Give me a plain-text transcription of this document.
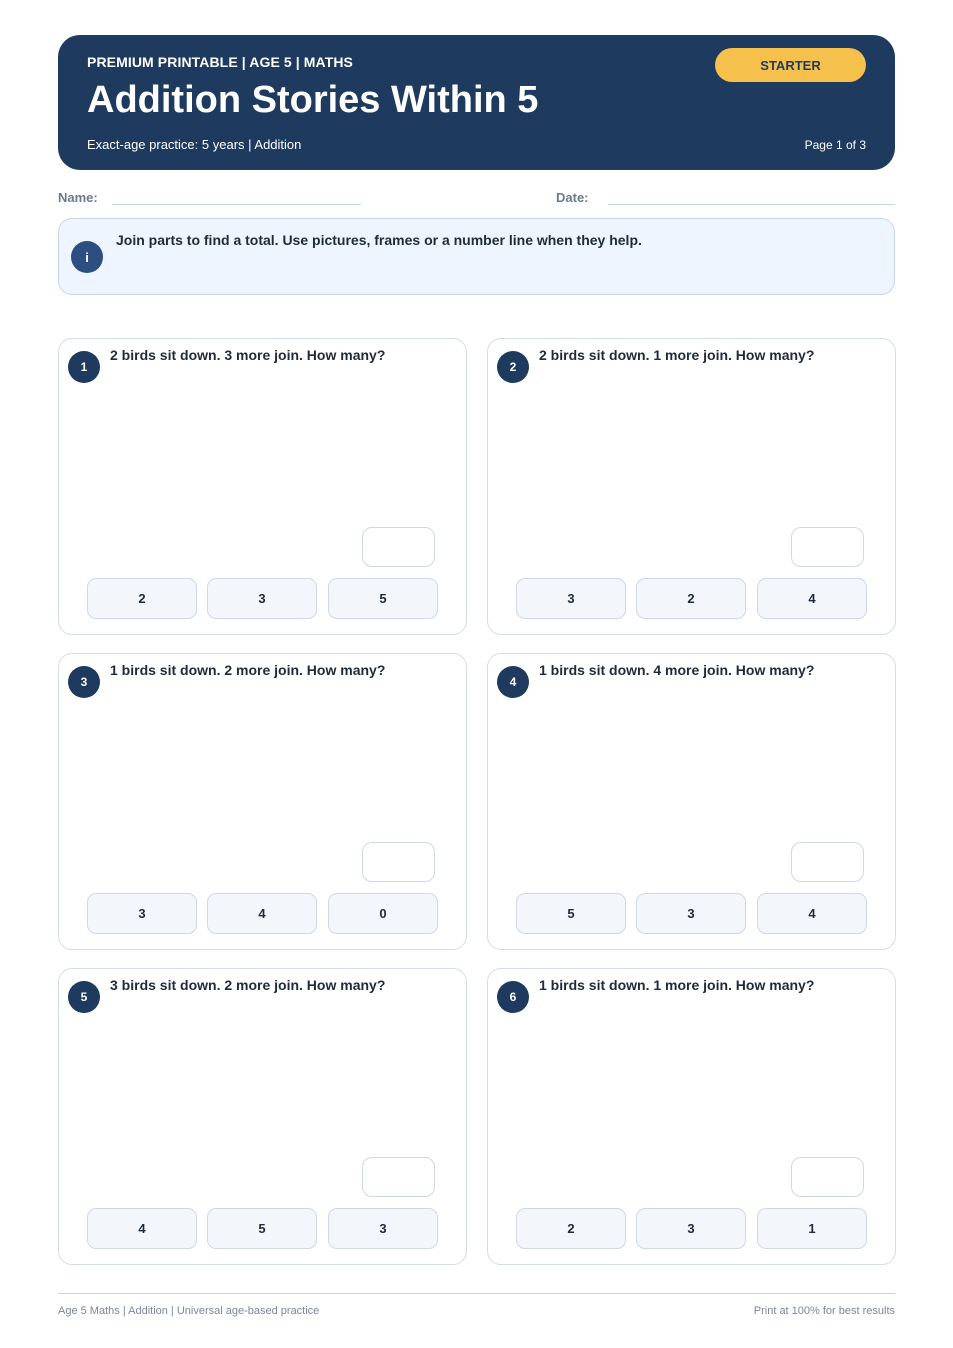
PREMIUM PRINTABLE | AGE 5 | MATHS
Addition Stories Within 5
Exact-age practice: 5 years | Addition	Page 1 of 3
STARTER
Name:	Date:
i
Join parts to find a total. Use pictures, frames or a number line when they help.
1
2 birds sit down. 3 more join. How many?
2	3	5
2
2 birds sit down. 1 more join. How many?
3	2	4
3
1 birds sit down. 2 more join. How many?
3	4	0
4
1 birds sit down. 4 more join. How many?
5	3	4
5
3 birds sit down. 2 more join. How many?
4	5	3
6
1 birds sit down. 1 more join. How many?
2	3	1
Age 5 Maths | Addition | Universal age-based practice	Print at 100% for best results
